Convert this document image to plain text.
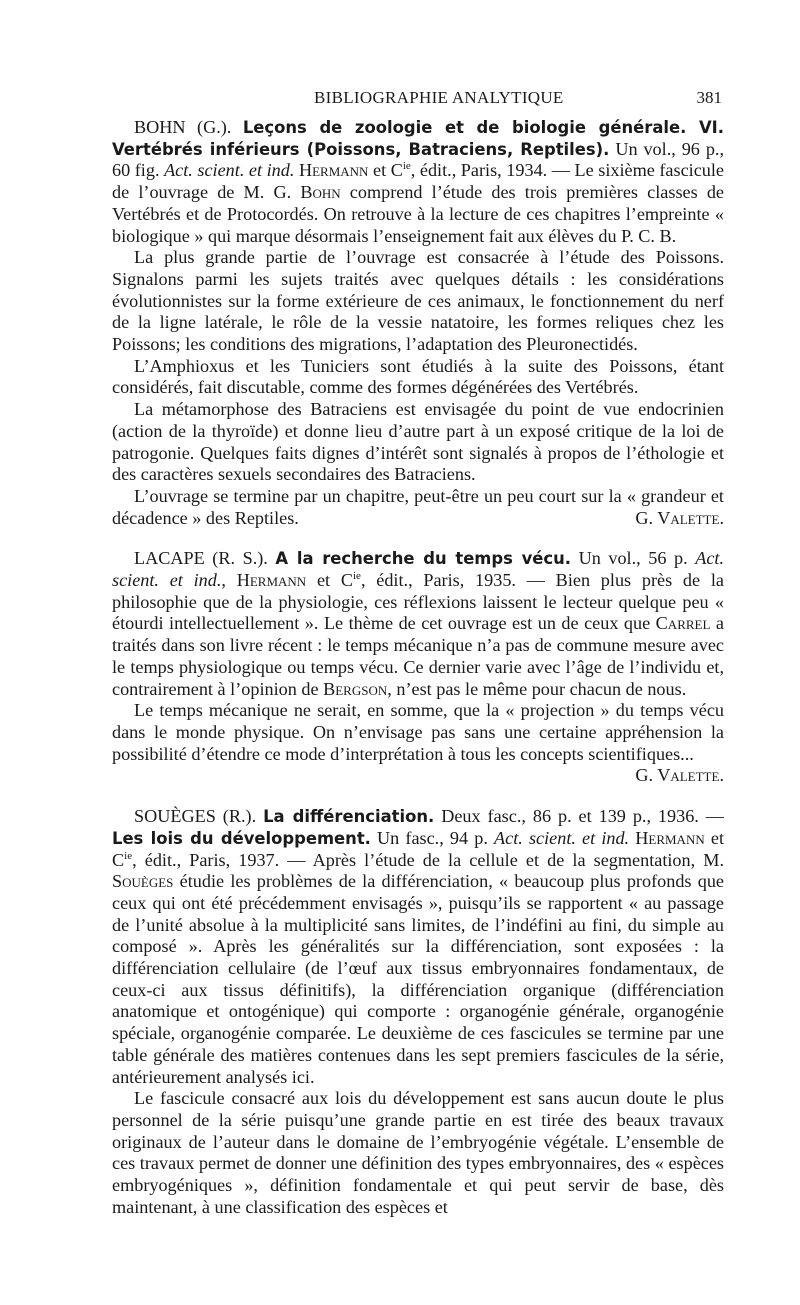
BIBLIOGRAPHIE ANALYTIQUE	381

BOHN (G.). Leçons de zoologie et de biologie générale. VI. Vertébrés inférieurs (Poissons, Batraciens, Reptiles). Un vol., 96 p., 60 fig. Act. scient. et ind. Hermann et $C^{ie}$, édit., Paris, 1934. — Le sixième fascicule de l’ouvrage de M. G. Bohn comprend l’étude des trois premières classes de Vertébrés et de Protocordés. On retrouve à la lecture de ces chapitres l’empreinte « biologique » qui marque désormais l’enseignement fait aux élèves du P. C. B.

La plus grande partie de l’ouvrage est consacrée à l’étude des Poissons. Signalons parmi les sujets traités avec quelques détails : les considérations évolutionnistes sur la forme extérieure de ces animaux, le fonctionnement du nerf de la ligne latérale, le rôle de la vessie natatoire, les formes reliques chez les Poissons; les conditions des migrations, l’adaptation des Pleuronectidés.

L’Amphioxus et les Tuniciers sont étudiés à la suite des Poissons, étant considérés, fait discutable, comme des formes dégénérées des Vertébrés.

La métamorphose des Batraciens est envisagée du point de vue endocrinien (action de la thyroïde) et donne lieu d’autre part à un exposé critique de la loi de patrogonie. Quelques faits dignes d’intérêt sont signalés à propos de l’éthologie et des caractères sexuels secondaires des Batraciens.

L’ouvrage se termine par un chapitre, peut-être un peu court sur la « grandeur et décadence » des Reptiles.	G. Valette.

LACAPE (R. S.). A la recherche du temps vécu. Un vol., 56 p. Act. scient. et ind., Hermann et $C^{ie}$, édit., Paris, 1935. — Bien plus près de la philosophie que de la physiologie, ces réflexions laissent le lecteur quelque peu « étourdi intellectuellement ». Le thème de cet ouvrage est un de ceux que Carrel a traités dans son livre récent : le temps mécanique n’a pas de commune mesure avec le temps physiologique ou temps vécu. Ce dernier varie avec l’âge de l’individu et, contrairement à l’opinion de Bergson, n’est pas le même pour chacun de nous.

Le temps mécanique ne serait, en somme, que la « projection » du temps vécu dans le monde physique. On n’envisage pas sans une certaine appréhension la possibilité d’étendre ce mode d’interprétation à tous les concepts scientifiques...
G. Valette.

SOUÈGES (R.). La différenciation. Deux fasc., 86 p. et 139 p., 1936. — Les lois du développement. Un fasc., 94 p. Act. scient. et ind. Hermann et $C^{ie}$, édit., Paris, 1937. — Après l’étude de la cellule et de la segmentation, M. Souèges étudie les problèmes de la différenciation, « beaucoup plus profonds que ceux qui ont été précédemment envisagés », puisqu’ils se rapportent « au passage de l’unité absolue à la multiplicité sans limites, de l’indéfini au fini, du simple au composé ». Après les généralités sur la différenciation, sont exposées : la différenciation cellulaire (de l’œuf aux tissus embryonnaires fondamentaux, de ceux-ci aux tissus définitifs), la différenciation organique (différenciation anatomique et ontogénique) qui comporte : organogénie générale, organogénie spéciale, organogénie comparée. Le deuxième de ces fascicules se termine par une table générale des matières contenues dans les sept premiers fascicules de la série, antérieurement analysés ici.

Le fascicule consacré aux lois du développement est sans aucun doute le plus personnel de la série puisqu’une grande partie en est tirée des beaux travaux originaux de l’auteur dans le domaine de l’embryogénie végétale. L’ensemble de ces travaux permet de donner une définition des types embryonnaires, des « espèces embryogéniques », définition fondamentale et qui peut servir de base, dès maintenant, à une classification des espèces et
